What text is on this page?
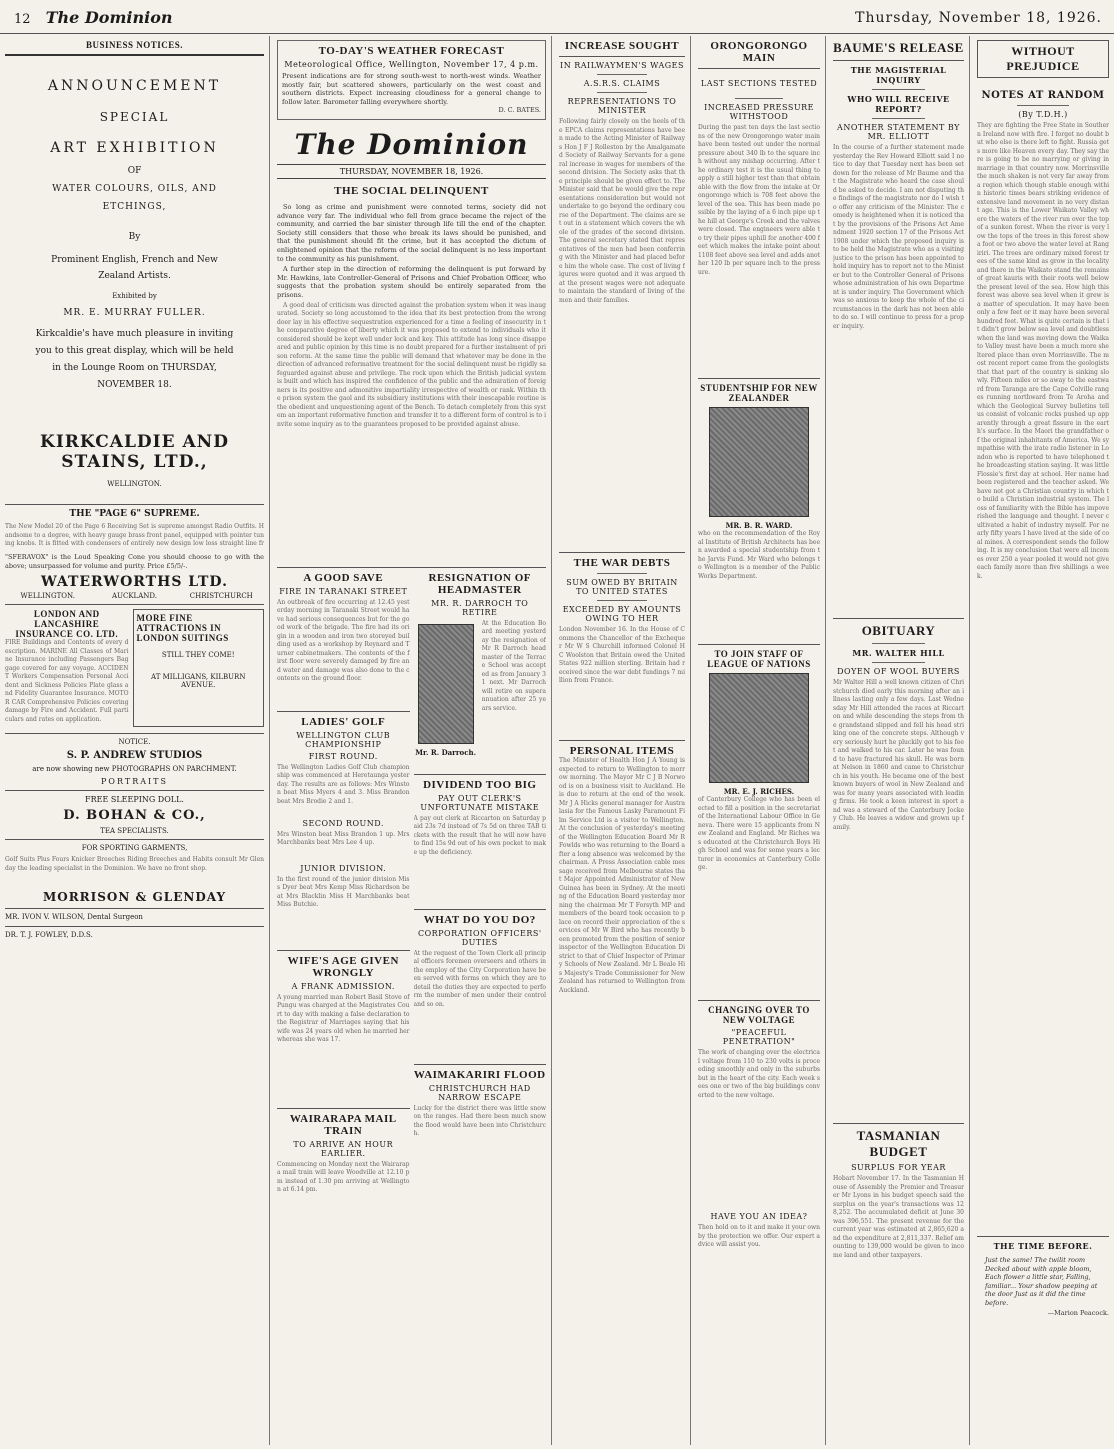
12 The Dominion	Thursday, November 18, 1926.
BUSINESS NOTICES.
ANNOUNCEMENT
SPECIAL
ART EXHIBITION
OF
WATER COLOURS, OILS, AND ETCHINGS,
By
Prominent English, French and New Zealand Artists.
Exhibited by
MR. E. MURRAY FULLER.
Kirkcaldie's have much pleasure in inviting you to this great display, which will be held in the Lounge Room on THURSDAY, NOVEMBER 18.
KIRKCALDIE AND STAINS, LTD.,
WELLINGTON.
THE "PAGE 6" SUPREME.
The New Model 20 of the Page 6 Receiving Set is supreme amongst Radio Outfits. Handsome to a degree, with heavy gauge brass front panel, equipped with pointer tuning knobs. It is fitted with condensers of entirely new design low loss straight line fr
"SFERAVOX" is the Loud Speaking Cone you should choose to go with the above; unsurpassed for volume and purity. Price £5/5/-.
WATERWORTHS LTD.
WELLINGTON.	AUCKLAND.	CHRISTCHURCH
LONDON AND LANCASHIRE INSURANCE CO. LTD.
FIRE Buildings and Contents of every description. MARINE All Classes of Marine Insurance including Passengers Baggage covered for any voyage. ACCIDENT Workers Compensation Personal Accident and Sickness Policies Plate glass and Fidelity Guarantee Insurance. MOTOR CAR Comprehensive Policies covering damage by Fire and Accident. Full particulars and rates on application.
MORE FINE ATTRACTIONS IN LONDON SUITINGS
STILL THEY COME!
AT MILLIGANS, KILBURN AVENUE.
NOTICE.
S. P. ANDREW STUDIOS
are now showing new PHOTOGRAPHS ON PARCHMENT.
PORTRAITS
FREE SLEEPING DOLL.
D. BOHAN & CO.,
TEA SPECIALISTS.
FOR SPORTING GARMENTS,
Golf Suits Plus Fours Knicker Breeches Riding Breeches and Habits consult Mr Glenday the leading specialist in the Dominion. We have no front shop.
MORRISON & GLENDAY
MR. IVON V. WILSON, Dental Surgeon
DR. T. J. FOWLEY, D.D.S.
TO-DAY'S WEATHER FORECAST
Meteorological Office, Wellington, November 17, 4 p.m.
Present indications are for strong south-west to north-west winds. Weather mostly fair, but scattered showers, particularly on the west coast and southern districts. Expect increasing cloudiness for a general change to follow later. Barometer falling everywhere shortly.
D. C. BATES.
The Dominion
THURSDAY, NOVEMBER 18, 1926.
THE SOCIAL DELINQUENT

So long as crime and punishment were connoted terms, society did not advance very far. The individual who fell from grace became the reject of the community, and carried the bar sinister through life till the end of the chapter. Society still considers that those who break its laws should be punished, and that the punishment should fit the crime, but it has accepted the dictum of enlightened opinion that the reform of the social delinquent is no less important to the community as his punishment.

A further step in the direction of reforming the delinquent is put forward by Mr. Hawkins, late Controller-General of Prisons and Chief Probation Officer, who suggests that the probation system should be entirely separated from the prisons.

A good deal of criticism was directed against the probation system when it was inaugurated. Society so long accustomed to the idea that its best protection from the wrong doer lay in his effective sequestration experienced for a time a feeling of insecurity in the comparative degree of liberty which it was proposed to extend to individuals who it considered should be kept well under lock and key. This attitude has long since disappeared and public opinion by this time is no doubt prepared for a further instalment of prison reform. At the same time the public will demand that whatever may be done in the direction of advanced reformative treatment for the social delinquent must be rigidly safeguarded against abuse and privilege. The rock upon which the British judicial system is built and which has inspired the confidence of the public and the admiration of foreigners is its positive and admonitive impartiality irrespective of wealth or rank. Within the prison system the gaol and its subsidiary institutions with their inescapable routine is the obedient and unquestioning agent of the Bench. To detach completely from this system an important reformative function and transfer it to a different form of control is to invite some inquiry as to the guarantees proposed to be provided against abuse.

A GOOD SAVE
FIRE IN TARANAKI STREET
An outbreak of fire occurring at 12.45 yesterday morning in Taranaki Street would have had serious consequences but for the good work of the brigade. The fire had its origin in a wooden and iron two storeyed building used as a workshop by Reynard and Turner cabinetmakers. The contents of the first floor were severely damaged by fire and water and damage was also done to the contents on the ground floor.
LADIES' GOLF
WELLINGTON CLUB CHAMPIONSHIP
FIRST ROUND.
The Wellington Ladies Golf Club championship was commenced at Heretaunga yesterday. The results are as follows: Mrs Winston beat Miss Myers 4 and 3. Miss Brandon beat Mrs Brodie 2 and 1.
SECOND ROUND.
Mrs Winston beat Miss Brandon 1 up. Mrs Marchbanks beat Mrs Lee 4 up.
JUNIOR DIVISION.
In the first round of the junior division Miss Dyer beat Mrs Kemp Miss Richardson beat Mrs Blacklin Miss H Marchbanks beat Miss Butchie.
WIFE'S AGE GIVEN WRONGLY
A FRANK ADMISSION.
A young married man Robert Basil Stove of Pungu was charged at the Magistrates Court to day with making a false declaration to the Registrar of Marriages saying that his wife was 24 years old when he married her whereas she was 17.
WAIRARAPA MAIL TRAIN
TO ARRIVE AN HOUR EARLIER.
Commencing on Monday next the Wairarapa mail train will leave Woodville at 12.10 pm instead of 1.30 pm arriving at Wellington at 6.14 pm.
RESIGNATION OF HEADMASTER
MR. R. DARROCH TO RETIRE
Mr. R. Darroch.
At the Education Board meeting yesterday the resignation of Mr R Darroch headmaster of the Terrace School was accepted as from January 31 next. Mr Darroch will retire on superannuation after 25 years service.
DIVIDEND TOO BIG
PAY OUT CLERK'S UNFORTUNATE MISTAKE
A pay out clerk at Riccarton on Saturday paid 23s 7d instead of 7s 5d on three TAB tickets with the result that he will now have to find 15s 9d out of his own pocket to make up the deficiency.
WHAT DO YOU DO?
CORPORATION OFFICERS' DUTIES
At the request of the Town Clerk all principal officers foremen overseers and others in the employ of the City Corporation have been served with forms on which they are to detail the duties they are expected to perform the number of men under their control and so on.
WAIMAKARIRI FLOOD
CHRISTCHURCH HAD NARROW ESCAPE
Lucky for the district there was little snow on the ranges. Had there been much snow the flood would have been into Christchurch.
INCREASE SOUGHT
IN RAILWAYMEN'S WAGES
A.S.R.S. CLAIMS
REPRESENTATIONS TO MINISTER
Following fairly closely on the heels of the EPCA claims representations have been made to the Acting Minister of Railways Hon J F J Rolleston by the Amalgamated Society of Railway Servants for a general increase in wages for members of the second division. The Society asks that the principle should be given effect to. The Minister said that he would give the representations consideration but would not undertake to go beyond the ordinary course of the Department. The claims are set out in a statement which covers the whole of the grades of the second division. The general secretary stated that representatives of the men had been conferring with the Minister and had placed before him the whole case. The cost of living figures were quoted and it was argued that the present wages were not adequate to maintain the standard of living of the men and their families.
THE WAR DEBTS
SUM OWED BY BRITAIN TO UNITED STATES
EXCEEDED BY AMOUNTS OWING TO HER
London November 16. In the House of Commons the Chancellor of the Exchequer Mr W S Churchill informed Colonel H C Woolston that Britain owed the United States 922 million sterling. Britain had received since the war debt fundings 7 million from France.
PERSONAL ITEMS
The Minister of Health Hon J A Young is expected to return to Wellington to morrow morning. The Mayor Mr C J B Norwood is on a business visit to Auckland. He is due to return at the end of the week. Mr J A Hicks general manager for Australasia for the Famous Lasky Paramount Film Service Ltd is a visitor to Wellington. At the conclusion of yesterday's meeting of the Wellington Education Board Mr R Fowlds who was returning to the Board after a long absence was welcomed by the chairman. A Press Association cable message received from Melbourne states that Major Appointed Administrator of New Guinea has been in Sydney. At the meeting of the Education Board yesterday morning the chairman Mr T Forsyth MP and members of the board took occasion to place on record their appreciation of the services of Mr W Bird who has recently been promoted from the position of senior inspector of the Wellington Education District to that of Chief Inspector of Primary Schools of New Zealand. Mr L Beale His Majesty's Trade Commissioner for New Zealand has returned to Wellington from Auckland.
ORONGORONGO MAIN
LAST SECTIONS TESTED
INCREASED PRESSURE WITHSTOOD
During the past ten days the last sections of the new Orongorongo water main have been tested out under the normal pressure about 340 lb to the square inch without any mishap occurring. After the ordinary test it is the usual thing to apply a still higher test than that obtainable with the flow from the intake at Orongorongo which is 708 feet above the level of the sea. This has been made possible by the laying of a 6 inch pipe up the hill at George's Creek and the valves were closed. The engineers were able to try their pipes uphill for another 400 feet which makes the intake point about 1108 feet above sea level and adds another 120 lb per square inch to the pressure.
STUDENTSHIP FOR NEW ZEALANDER
MR. B. R. WARD.
who on the recommendation of the Royal Institute of British Architects has been awarded a special studentship from the Jarvis Fund. Mr Ward who belongs to Wellington is a member of the Public Works Department.
TO JOIN STAFF OF LEAGUE OF NATIONS
MR. E. J. RICHES.
of Canterbury College who has been elected to fill a position in the secretariat of the International Labour Office in Geneva. There were 15 applicants from New Zealand and England. Mr Riches was educated at the Christchurch Boys High School and was for some years a lecturer in economics at Canterbury College.
CHANGING OVER TO NEW VOLTAGE
"PEACEFUL PENETRATION"
The work of changing over the electrical voltage from 110 to 230 volts is proceeding smoothly and only in the suburbs but in the heart of the city. Each week sees one or two of the big buildings converted to the new voltage.
HAVE YOU AN IDEA?
Then hold on to it and make it your own by the protection we offer. Our expert advice will assist you.
BAUME'S RELEASE
THE MAGISTERIAL INQUIRY
WHO WILL RECEIVE REPORT?
ANOTHER STATEMENT BY MR. ELLIOTT
In the course of a further statement made yesterday the Rev Howard Elliott said I notice to day that Tuesday next has been set down for the release of Mr Baume and that the Magistrate who heard the case should be asked to decide. I am not disputing the findings of the magistrate nor do I wish to offer any criticism of the Minister. The comedy is heightened when it is noticed that by the provisions of the Prisons Act Amendment 1920 section 17 of the Prisons Act 1908 under which the proposed inquiry is to be held the Magistrate who as a visiting justice to the prison has been appointed to hold inquiry has to report not to the Minister but to the Controller General of Prisons whose administration of his own Department is under inquiry. The Government which was so anxious to keep the whole of the circumstances in the dark has not been able to do so. I will continue to press for a proper inquiry.
OBITUARY
MR. WALTER HILL
DOYEN OF WOOL BUYERS
Mr Walter Hill a well known citizen of Christchurch died early this morning after an illness lasting only a few days. Last Wednesday Mr Hill attended the races at Riccarton and while descending the steps from the grandstand slipped and fell his head striking one of the concrete steps. Although very seriously hurt he pluckily got to his feet and walked to his car. Later he was found to have fractured his skull. He was born at Nelson in 1860 and came to Christchurch in his youth. He became one of the best known buyers of wool in New Zealand and was for many years associated with leading firms. He took a keen interest in sport and was a steward of the Canterbury Jockey Club. He leaves a widow and grown up family.
TASMANIAN BUDGET
SURPLUS FOR YEAR
Hobart November 17. In the Tasmanian House of Assembly the Premier and Treasurer Mr Lyons in his budget speech said the surplus on the year's transactions was 128,252. The accumulated deficit at June 30 was 396,551. The present revenue for the current year was estimated at 2,865,620 and the expenditure at 2,811,337. Relief amounting to 139,000 would be given to income land and other taxpayers.
WITHOUT PREJUDICE
NOTES AT RANDOM
(By T.D.H.)
They are fighting the Free State in Southern Ireland now with fire. I forget no doubt but who else is there left to fight. Russia gets more like Heaven every day. They say there is going to be no marrying or giving in marriage in that country now. Morrinsville the much shaken is not very far away from a region which though stable enough within historic times bears striking evidence of extensive land movement in no very distant age. This is the Lower Waikato Valley where the waters of the river run over the top of a sunken forest. When the river is very low the tops of the trees in this forest show a foot or two above the water level at Rangiriri. The trees are ordinary mixed forest trees of the same kind as grow in the locality and there in the Waikato stand the remains of great kauris with their roots well below the present level of the sea. How high this forest was above sea level when it grew is a matter of speculation. It may have been only a few feet or it may have been several hundred feet. What is quite certain is that it didn't grow below sea level and doubtless when the land was moving down the Waikato Valley must have been a much more sheltered place than even Morrinsville. The most recent report came from the geologists that that part of the country is sinking slowly. Fifteen miles or so away to the eastward from Taranga are the Cape Colville ranges running northward from Te Aroha and which the Geological Survey bulletins tell us consist of volcanic rocks pushed up apparently through a great fissure in the earth's surface. In the Maori the grandfather of the original inhabitants of America. We sympathise with the irate radio listener in London who is reported to have telephoned the broadcasting station saying. It was little Flossie's first day at school. Her name had been registered and the teacher asked. We have not got a Christian country in which to build a Christian industrial system. The loss of familiarity with the Bible has impoverished the language and thought. I never cultivated a habit of industry myself. For nearly fifty years I have lived at the side of coal mines. A correspondent sends the following. It is my conclusion that were all incomes over 250 a year pooled it would not give each family more than five shillings a week.
THE TIME BEFORE.
Just the same! The twilit room Decked about with apple bloom, Each flower a little star, Falling, familiar... Your shadow peeping at the door Just as it did the time before.
—Marion Peacock.
